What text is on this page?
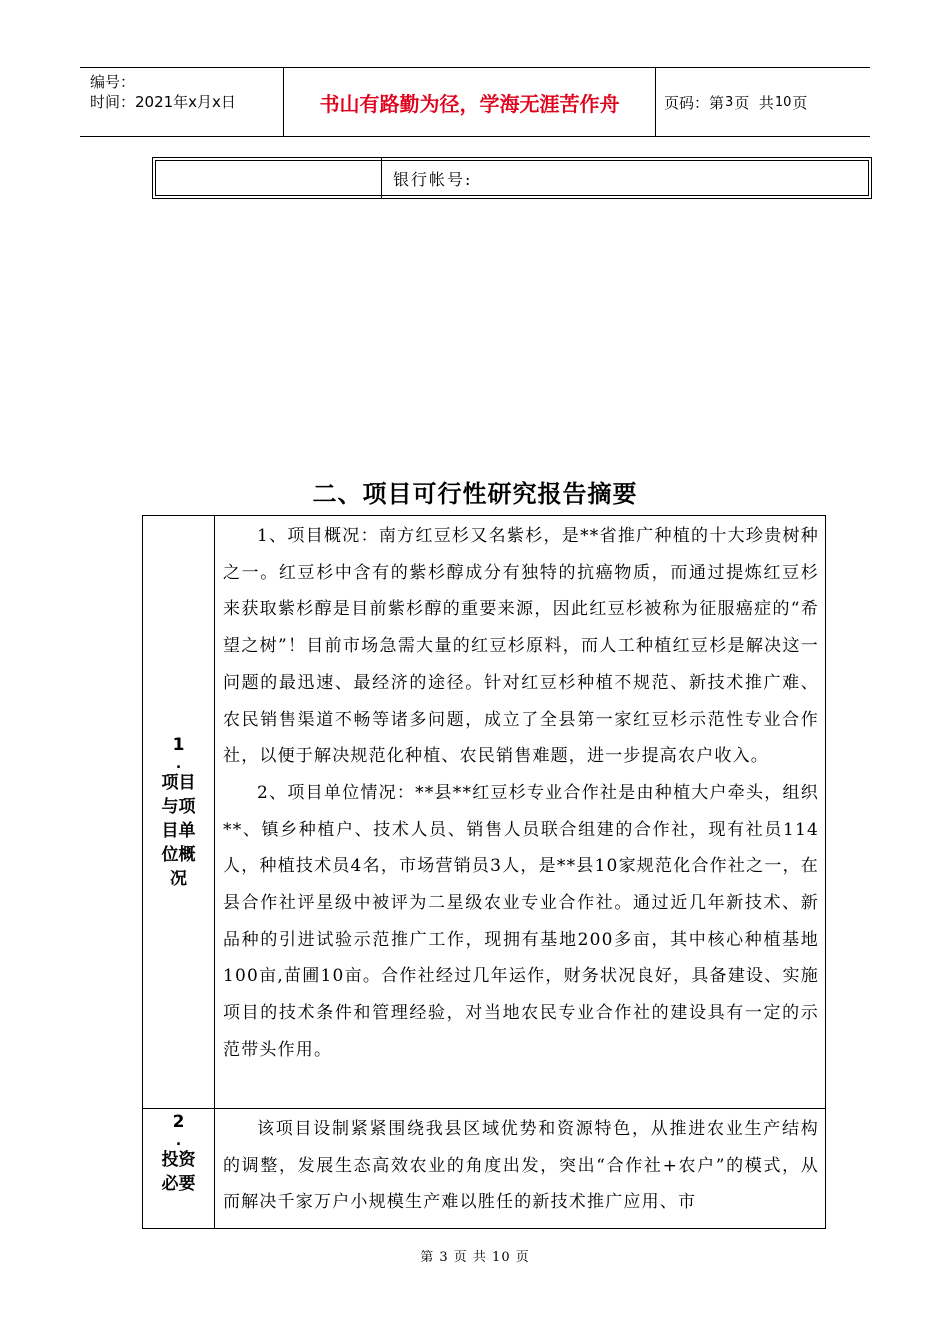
编号：
时间：2021年x月x日	书山有路勤为径，学海无涯苦作舟	页码：第 3 页  共 10 页
银行帐号:
二、项目可行性研究报告摘要
1
.
项目
与项
目单
位概
况

1、项目概况：南方红豆杉又名紫杉，是**省推广种植的十大珍贵树种之一。红豆杉中含有的紫杉醇成分有独特的抗癌物质，而通过提炼红豆杉来获取紫杉醇是目前紫杉醇的重要来源，因此红豆杉被称为征服癌症的“希望之树”！目前市场急需大量的红豆杉原料，而人工种植红豆杉是解决这一问题的最迅速、最经济的途径。针对红豆杉种植不规范、新技术推广难、农民销售渠道不畅等诸多问题，成立了全县第一家红豆杉示范性专业合作社，以便于解决规范化种植、农民销售难题，进一步提高农户收入。

2、项目单位情况：**县**红豆杉专业合作社是由种植大户牵头，组织**、镇乡种植户、技术人员、销售人员联合组建的合作社，现有社员114人，种植技术员4名，市场营销员3人，是**县10家规范化合作社之一，在县合作社评星级中被评为二星级农业专业合作社。通过近几年新技术、新品种的引进试验示范推广工作，现拥有基地200多亩，其中核心种植基地100亩,苗圃10亩。合作社经过几年运作，财务状况良好，具备建设、实施项目的技术条件和管理经验，对当地农民专业合作社的建设具有一定的示范带头作用。

2
.
投资
必要

该项目设制紧紧围绕我县区域优势和资源特色，从推进农业生产结构的调整，发展生态高效农业的角度出发，突出“合作社+农户”的模式，从而解决千家万户小规模生产难以胜任的新技术推广应用、市

第 3 页 共 10 页
